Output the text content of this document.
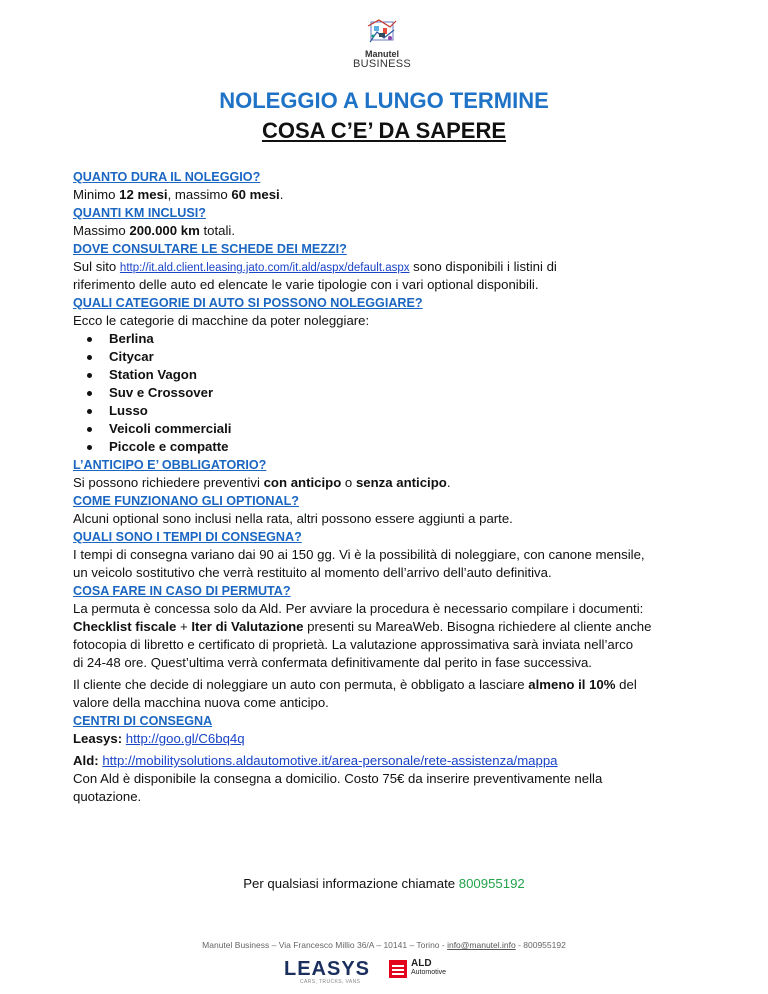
Manutel
BUSINESS
NOLEGGIO A LUNGO TERMINE
COSA C’E’ DA SAPERE
QUANTO DURA IL NOLEGGIO?
Minimo 12 mesi, massimo 60 mesi.
QUANTI KM INCLUSI?
Massimo 200.000 km totali.
DOVE CONSULTARE LE SCHEDE DEI MEZZI?
Sul sito http://it.ald.client.leasing.jato.com/it.ald/aspx/default.aspx sono disponibili i listini di
riferimento delle auto ed elencate le varie tipologie con i vari optional disponibili.
QUALI CATEGORIE DI AUTO SI POSSONO NOLEGGIARE?
Ecco le categorie di macchine da poter noleggiare:
Berlina
Citycar
Station Vagon
Suv e Crossover
Lusso
Veicoli commerciali
Piccole e compatte
L’ANTICIPO E’ OBBLIGATORIO?
Si possono richiedere preventivi con anticipo o senza anticipo.
COME FUNZIONANO GLI OPTIONAL?
Alcuni optional sono inclusi nella rata, altri possono essere aggiunti a parte.
QUALI SONO I TEMPI DI CONSEGNA?
I tempi di consegna variano dai 90 ai 150 gg. Vi è la possibilità di noleggiare, con canone mensile,
un veicolo sostitutivo che verrà restituito al momento dell’arrivo dell’auto definitiva.
COSA FARE IN CASO DI PERMUTA?
La permuta è concessa solo da Ald. Per avviare la procedura è necessario compilare i documenti:
Checklist fiscale + Iter di Valutazione presenti su MareaWeb. Bisogna richiedere al cliente anche
fotocopia di libretto e certificato di proprietà. La valutazione approssimativa sarà inviata nell’arco
di 24-48 ore. Quest’ultima verrà confermata definitivamente dal perito in fase successiva.
Il cliente che decide di noleggiare un auto con permuta, è obbligato a lasciare almeno il 10% del
valore della macchina nuova come anticipo.
CENTRI DI CONSEGNA
Leasys: http://goo.gl/C6bq4q
Ald: http://mobilitysolutions.aldautomotive.it/area-personale/rete-assistenza/mappa
Con Ald è disponibile la consegna a domicilio. Costo 75€ da inserire preventivamente nella
quotazione.
Per qualsiasi informazione chiamate 800955192
Manutel Business – Via Francesco Millio 36/A – 10141 – Torino - info@manutel.info - 800955192
LEASYS
CARS, TRUCKS, VANS
ALD
Automotive
